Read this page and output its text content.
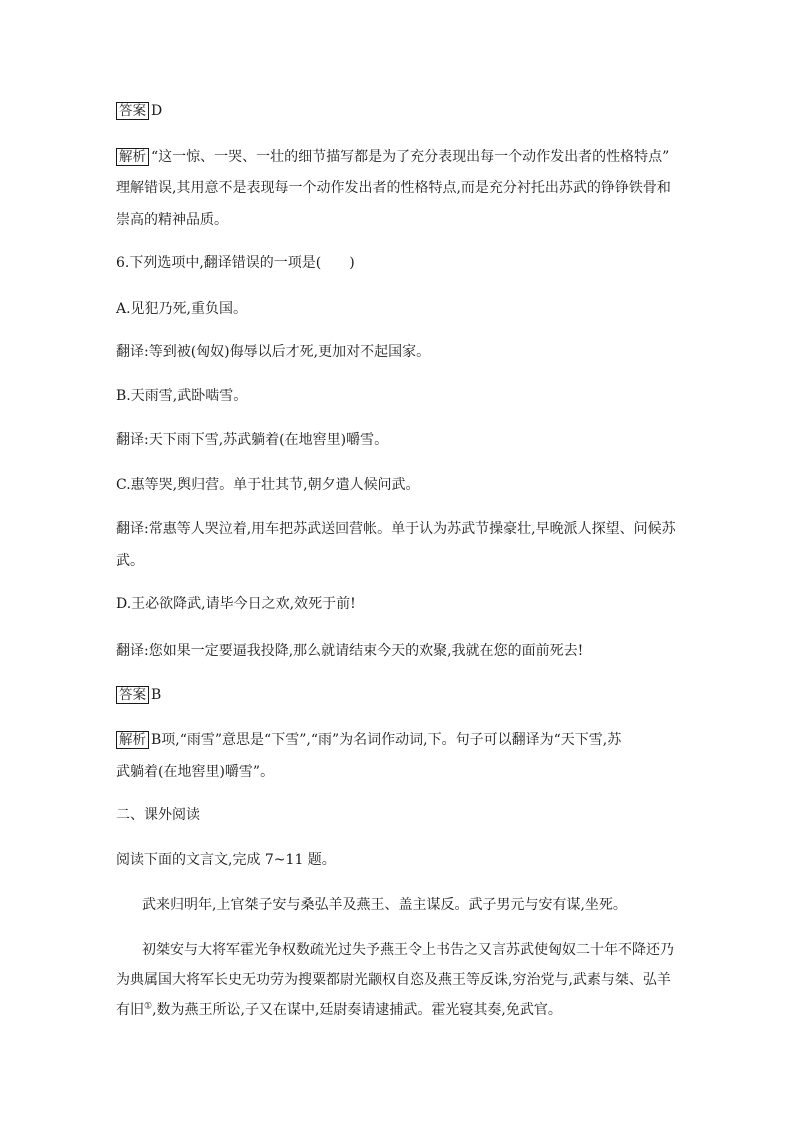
答案 D
解析 “这一惊、一哭、一壮的细节描写都是为了充分表现出每一个动作发出者的性格特点”
理解错误,其用意不是表现每一个动作发出者的性格特点,而是充分衬托出苏武的铮铮铁骨和
崇高的精神品质。
6.下列选项中,翻译错误的一项是(　　)
A.见犯乃死,重负国。
翻译:等到被(匈奴)侮辱以后才死,更加对不起国家。
B.天雨雪,武卧啮雪。
翻译:天下雨下雪,苏武躺着(在地窖里)嚼雪。
C.惠等哭,舆归营。单于壮其节,朝夕遣人候问武。
翻译:常惠等人哭泣着,用车把苏武送回营帐。单于认为苏武节操豪壮,早晚派人探望、问候苏
武。
D.王必欲降武,请毕今日之欢,效死于前!
翻译:您如果一定要逼我投降,那么就请结束今天的欢聚,我就在您的面前死去!
答案 B
解析 B项,“雨雪”意思是“下雪”,“雨”为名词作动词,下。句子可以翻译为“天下雪,苏
武躺着(在地窖里)嚼雪”。
二、课外阅读
阅读下面的文言文,完成 7~11 题。
武来归明年,上官桀子安与桑弘羊及燕王、盖主谋反。武子男元与安有谋,坐死。
初桀安与大将军霍光争权数疏光过失予燕王令上书告之又言苏武使匈奴二十年不降还乃
为典属国大将军长史无功劳为搜粟都尉光颛权自恣及燕王等反诛,穷治党与,武素与桀、弘羊
有旧①,数为燕王所讼,子又在谋中,廷尉奏请逮捕武。霍光寝其奏,免武官。
